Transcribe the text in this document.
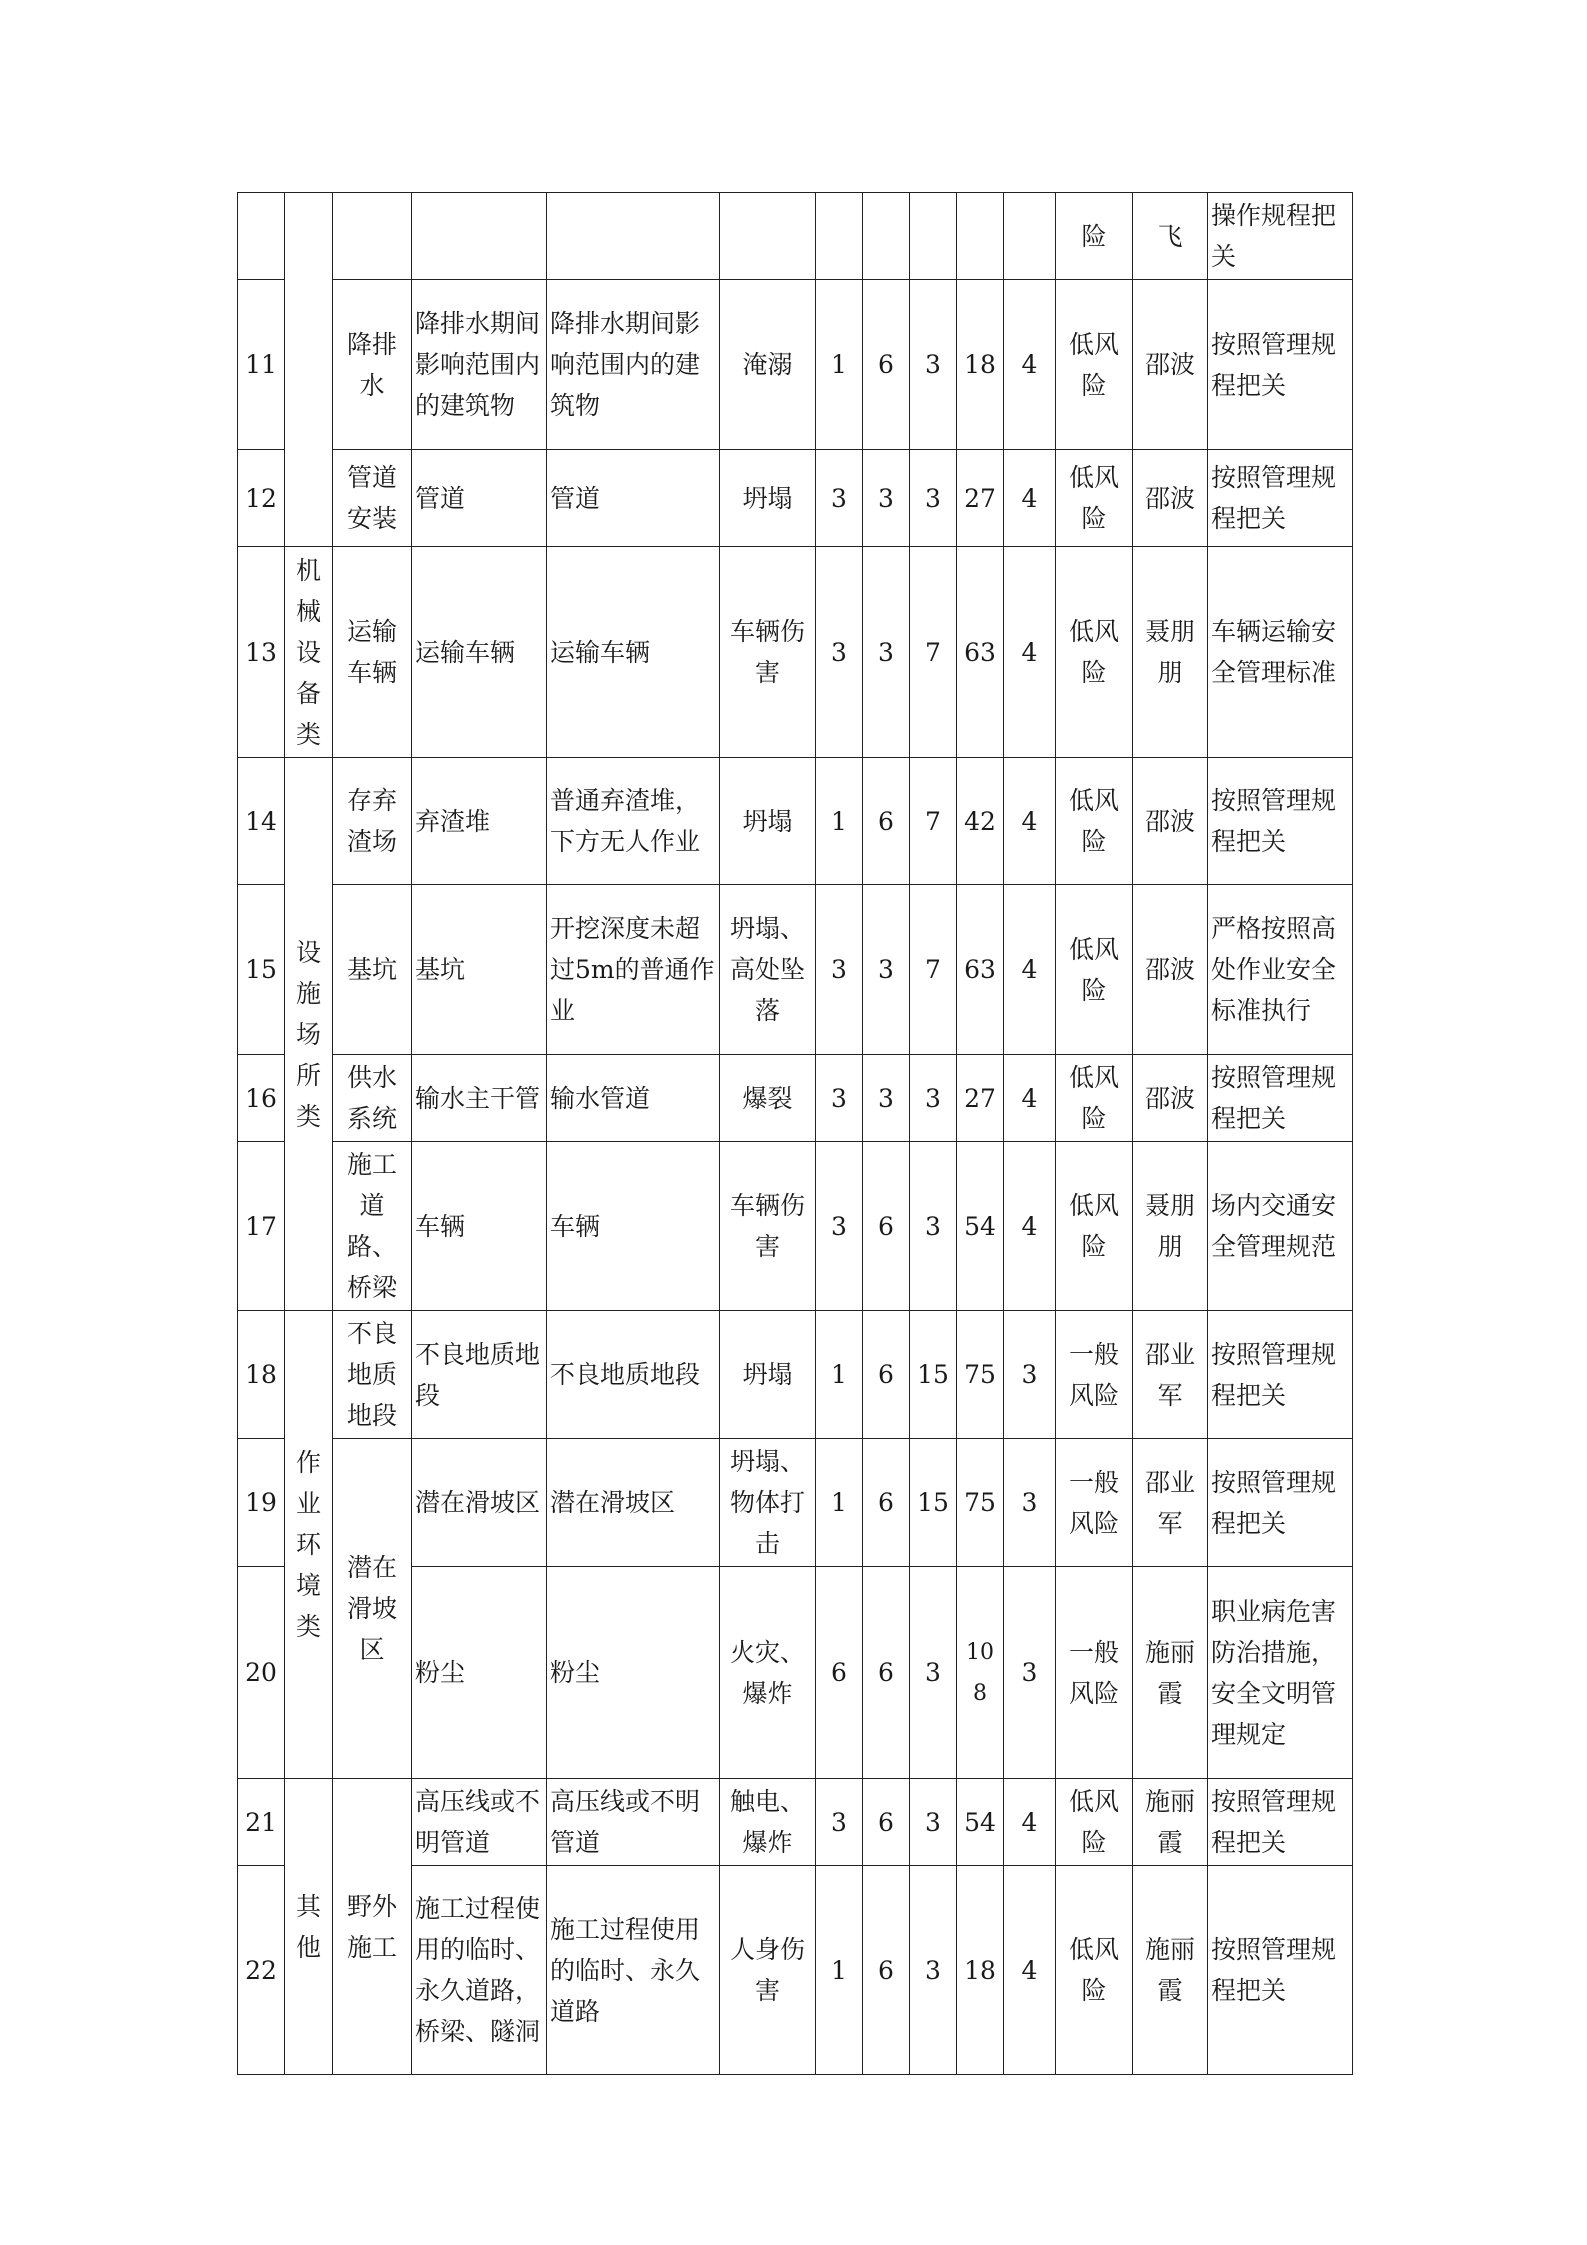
											险	飞	操作规程把关
11		降排水	降排水期间影响范围内的建筑物	降排水期间影响范围内的建筑物	淹溺	1	6	3	18	4	低风险	邵波	按照管理规程把关
12		管道安装	管道	管道	坍塌	3	3	3	27	4	低风险	邵波	按照管理规程把关
13	机械设备类	运输车辆	运输车辆	运输车辆	车辆伤害	3	3	7	63	4	低风险	聂朋朋	车辆运输安全管理标准
14	设施场所类	存弃渣场	弃渣堆	普通弃渣堆，下方无人作业	坍塌	1	6	7	42	4	低风险	邵波	按照管理规程把关
15		基坑	基坑	开挖深度未超过5m的普通作业	坍塌、高处坠落	3	3	7	63	4	低风险	邵波	严格按照高处作业安全标准执行
16		供水系统	输水主干管	输水管道	爆裂	3	3	3	27	4	低风险	邵波	按照管理规程把关
17		施工道路、桥梁	车辆	车辆	车辆伤害	3	6	3	54	4	低风险	聂朋朋	场内交通安全管理规范
18	作业环境类	不良地质地段	不良地质地段	不良地质地段	坍塌	1	6	15	75	3	一般风险	邵业军	按照管理规程把关
19		潜在滑坡区	潜在滑坡区	潜在滑坡区	坍塌、物体打击	1	6	15	75	3	一般风险	邵业军	按照管理规程把关
20			粉尘	粉尘	火灾、爆炸	6	6	3	108	3	一般风险	施丽霞	职业病危害防治措施，安全文明管理规定
21	其他	野外施工	高压线或不明管道	高压线或不明管道	触电、爆炸	3	6	3	54	4	低风险	施丽霞	按照管理规程把关
22			施工过程使用的临时、永久道路，桥梁、隧洞	施工过程使用的临时、永久道路	人身伤害	1	6	3	18	4	低风险	施丽霞	按照管理规程把关
